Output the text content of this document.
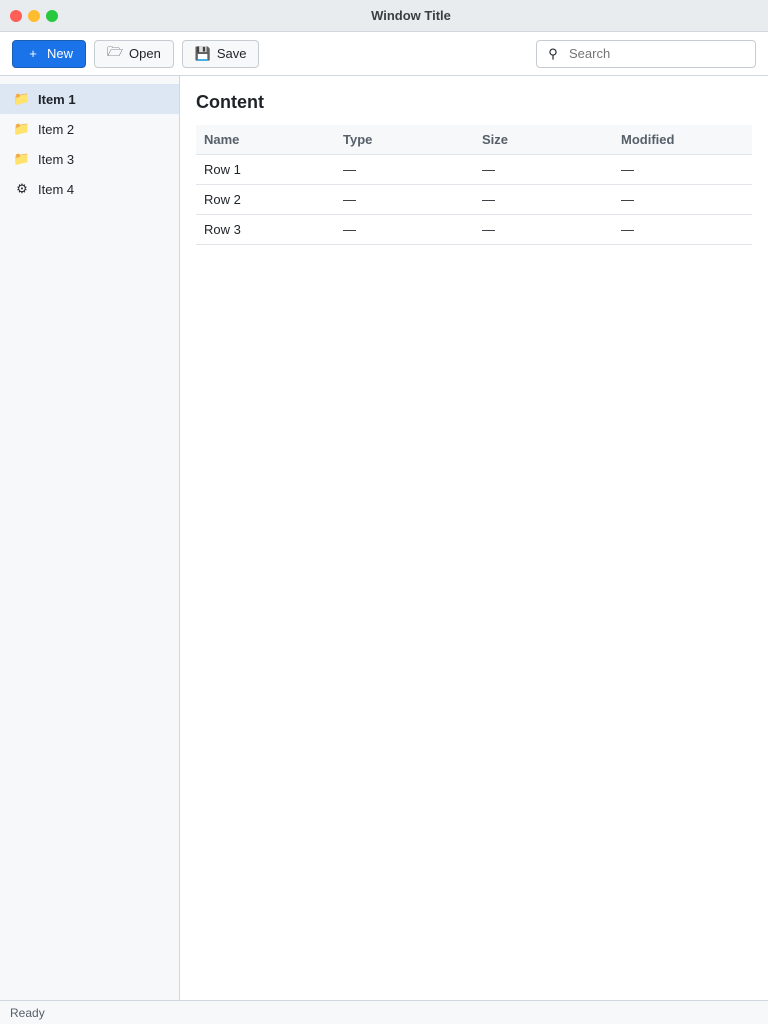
Window Title
+ New	🗁 Open	💾 Save	⚲
Search
📁 Item 1
📁 Item 2
📁 Item 3
⚙ Item 4
Content
Name	Type	Size	Modified
Row 1	—	—	—
Row 2	—	—	—
Row 3	—	—	—
Ready
